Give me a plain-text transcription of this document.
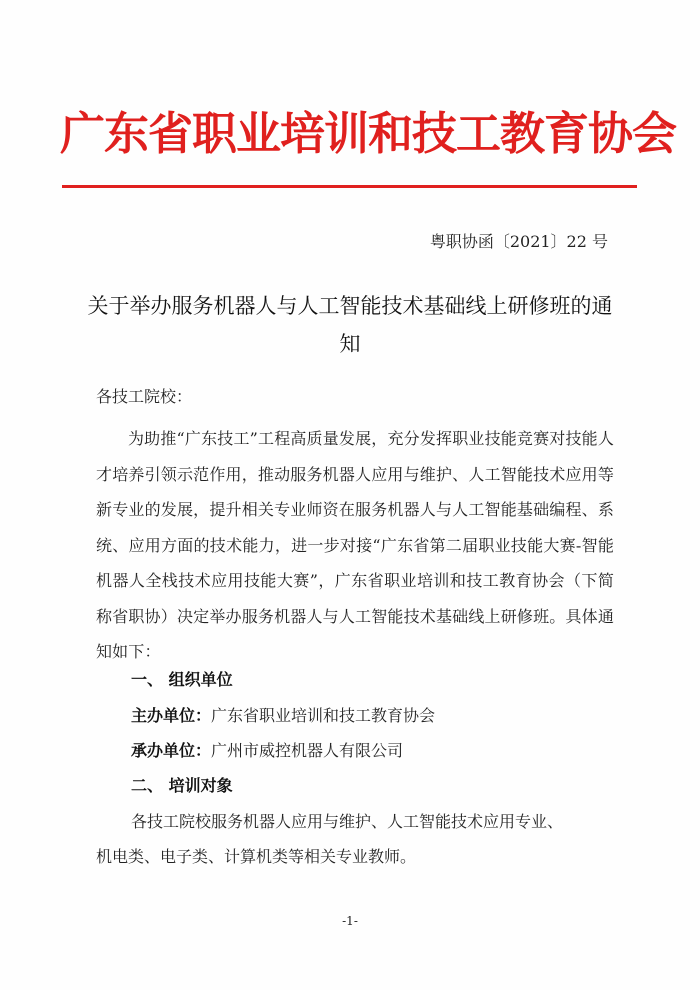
广东省职业培训和技工教育协会
粤职协函〔2021〕22 号
关于举办服务机器人与人工智能技术基础线上研修班的通知
各技工院校：
为助推“广东技工”工程高质量发展，充分发挥职业技能竞赛对技能人才培养引领示范作用，推动服务机器人应用与维护、人工智能技术应用等新专业的发展，提升相关专业师资在服务机器人与人工智能基础编程、系统、应用方面的技术能力，进一步对接“广东省第二届职业技能大赛-智能机器人全栈技术应用技能大赛”，广东省职业培训和技工教育协会（下简称省职协）决定举办服务机器人与人工智能技术基础线上研修班。具体通知如下：
一、 组织单位
主办单位：广东省职业培训和技工教育协会
承办单位：广州市威控机器人有限公司
二、 培训对象
各技工院校服务机器人应用与维护、人工智能技术应用专业、
机电类、电子类、计算机类等相关专业教师。
-1-
